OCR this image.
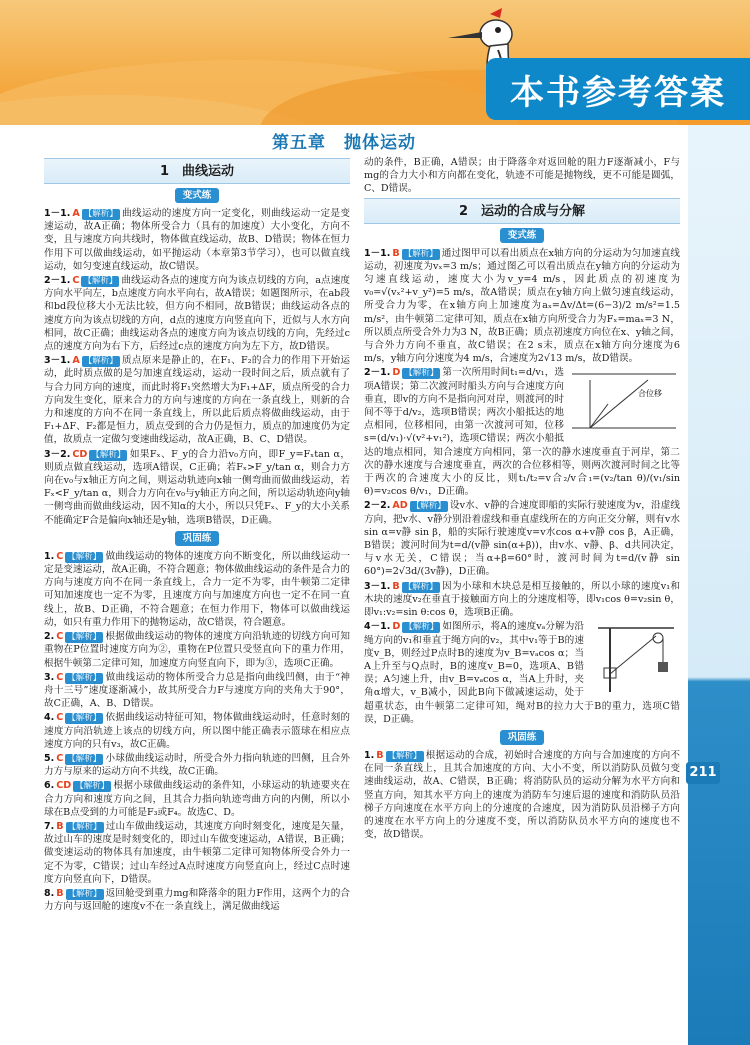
本书参考答案
211
第五章　抛体运动
1　曲线运动
变式练
1－1. A 【解析】 曲线运动的速度方向一定变化，则曲线运动一定是变速运动，故A正确；物体所受合力（具有的加速度）大小变化，方向不变，且与速度方向共线时，物体做直线运动，故B、D错误；物体在恒力作用下可以做曲线运动，如平抛运动（本章第3节学习），也可以做直线运动，如匀变速直线运动，故C错误。
2－1. C 【解析】 曲线运动各点的速度方向为该点切线的方向，a点速度方向水平向左，b点速度方向水平向右，故A错误；如题图所示，在ab段和bd段位移大小无法比较，但方向不相同，故B错误；曲线运动各点的速度方向为该点切线的方向，d点的速度方向竖直向下，近似与人水方向相同，故C正确；曲线运动各点的速度方向为该点切线的方向，先经过c点的速度方向为右下方，后经过c点的速度方向为左下方，故D错误。
3－1. A 【解析】 质点原来是静止的，在F₁、F₂的合力的作用下开始运动，此时质点做的是匀加速直线运动，运动一段时间之后，质点就有了与合力同方向的速度，而此时将F₁突然增大为F₁+ΔF，质点所受的合力方向发生变化，原来合力的方向与速度的方向在一条直线上，则新的合力和速度的方向不在同一条直线上，所以此后质点将做曲线运动，由于F₁+ΔF、F₂都是恒力，质点受到的合力仍是恒力，质点的加速度仍为定值，故质点一定做匀变速曲线运动，故A正确，B、C、D错误。
3－2. CD 【解析】 如果Fₓ、F_y的合力沿v₀方向，即F_y=Fₓtan α，则质点做直线运动，选项A错误，C正确；若Fₓ>F_y/tan α，则合力方向在v₀与x轴正方向之间，则运动轨迹向x轴一侧弯曲而做曲线运动，若Fₓ<F_y/tan α，则合力方向在v₀与y轴正方向之间，所以运动轨迹向y轴一侧弯曲而做曲线运动，因不知α的大小，所以只凭Fₓ、F_y的大小关系不能确定F合是偏向x轴还是y轴，选项B错误，D正确。
巩固练
1. C 【解析】 做曲线运动的物体的速度方向不断变化，所以曲线运动一定是变速运动，故A正确，不符合题意；物体做曲线运动的条件是合力的方向与速度方向不在同一条直线上，合力一定不为零，由牛顿第二定律可知加速度也一定不为零，且速度方向与加速度方向也一定不在同一直线上，故B、D正确，不符合题意；在恒力作用下，物体可以做曲线运动，如只有重力作用下的抛物运动，故C错误，符合题意。
2. C 【解析】 根据做曲线运动的物体的速度方向沿轨迹的切线方向可知重物在P位置时速度方向为②，重物在P位置只受竖直向下的重力作用，根据牛顿第二定律可知，加速度方向竖直向下，即为③，选项C正确。
3. C 【解析】 做曲线运动的物体所受合力总是指向曲线凹侧，由于“神舟十三号”速度逐渐减小，故其所受合力F与速度方向的夹角大于90°，故C正确，A、B、D错误。
4. C 【解析】 依据曲线运动特征可知，物体做曲线运动时，任意时刻的速度方向沿轨迹上该点的切线方向，所以图中能正确表示篮球在相应点速度方向的只有v₃，故C正确。
5. C 【解析】 小球做曲线运动时，所受合外力指向轨迹的凹侧，且合外力方与原来的运动方向不共线，故C正确。
6. CD 【解析】 根据小球做曲线运动的条件知，小球运动的轨迹要夹在合力方向和速度方向之间，且其合力指向轨迹弯曲方向的内侧，所以小球在B点受到的力可能是F₃或F₄。故选C、D。
7. B 【解析】 过山车做曲线运动，其速度方向时刻变化，速度是矢量，故过山车的速度是时刻变化的，即过山车做变速运动，A错误，B正确；做变速运动的物体具有加速度，由牛顿第二定律可知物体所受合外力一定不为零，C错误；过山车经过A点时速度方向竖直向上，经过C点时速度方向竖直向下，D错误。
8. B 【解析】 返回舱受到重力mg和降落伞的阻力F作用，这两个力的合力方向与返回舱的速度v不在一条直线上，满足做曲线运
动的条件，B正确，A错误；由于降落伞对返回舱的阻力F逐渐减小，F与mg的合力大小和方向都在变化，轨迹不可能是抛物线，更不可能是圆弧，C、D错误。
2　运动的合成与分解
变式练
1－1. B 【解析】 通过图甲可以看出质点在x轴方向的分运动为匀加速直线运动，初速度为vₓ=3 m/s；通过图乙可以看出质点在y轴方向的分运动为匀速直线运动，速度大小为v_y=4 m/s，因此质点的初速度为v₀=√(vₓ²+v_y²)=5 m/s，故A错误；质点在y轴方向上做匀速直线运动，所受合力为零，在x轴方向上加速度为aₓ=Δv/Δt=(6−3)/2 m/s²=1.5 m/s²，由牛顿第二定律可知，质点在x轴方向所受合力为Fₓ=maₓ=3 N，所以质点所受合外力为3 N，故B正确；质点初速度方向位在x、y轴之间，与合外力方向不垂直，故C错误；在2 s末，质点在x轴方向分速度为6 m/s，y轴方向分速度为4 m/s，合速度为2√13 m/s，故D错误。
合位移
2－1. D 【解析】 第一次所用时间t₁=d/v₁，选项A错误；第二次渡河时船头方向与合速度方向垂直，即v的方向不是指向河对岸，则渡河的时间不等于d/v₂，选项B错误；两次小船抵达的地点相同，位移相同，由第一次渡河可知，位移s=(d/v₁)·√(v²+v₁²)，选项C错误；两次小船抵达的地点相同，知合速度方向相同，第一次的静水速度垂直于河岸，第二次的静水速度与合速度垂直，两次的合位移相等，则两次渡河时间之比等于两次的合速度大小的反比，则t₁/t₂=v合₂/v合₁=(v₂/tan θ)/(v₁/sin θ)=v₂cos θ/v₁，D正确。
2－2. AD 【解析】 设v水、v静的合速度即船的实际行驶速度为v，沿虚线方向，把v水、v静分别沿着虚线和垂直虚线所在的方向正交分解，则有v水 sin α=v静 sin β，船的实际行驶速度v=v水cos α+v静 cos β，A正确，B错误；渡河时间为t=d/(v静 sin(α+β))，由v水、v静、β、d共同决定，与v水无关，C错误；当α+β=60°时，渡河时间为t=d/(v静 sin 60°)=2√3d/(3v静)，D正确。
3－1. B 【解析】 因为小球和木块总是相互接触的，所以小球的速度v₁和木块的速度v₂在垂直于接触面方向上的分速度相等，即v₁cos θ=v₂sin θ，即v₁:v₂=sin θ:cos θ，选项B正确。
4－1. D 【解析】 如图所示，将A的速度vₐ分解为沿绳方向的v₁和垂直于绳方向的v₂，其中v₁等于B的速度v_B，则经过P点时B的速度为v_B=vₐcos α；当A上升至与Q点时，B的速度v_B=0，选项A、B错误；A匀速上升，由v_B=vₐcos α，当A上升时，夹角α增大，v_B减小，因此B向下做减速运动，处于超重状态，由牛顿第二定律可知，绳对B的拉力大于B的重力，选项C错误，D正确。
巩固练
1. B 【解析】 根据运动的合成，初始时合速度的方向与合加速度的方向不在同一条直线上，且其合加速度的方向、大小不变，所以消防队员做匀变速曲线运动，故A、C错误，B正确；将消防队员的运动分解为水平方向和竖直方向，知其水平方向上的速度为消防车匀速后退的速度和消防队员沿梯子方向速度在水平方向上的分速度的合速度，因为消防队员沿梯子方向的速度在水平方向上的分速度不变，所以消防队员水平方向的速度也不变，故D错误。
